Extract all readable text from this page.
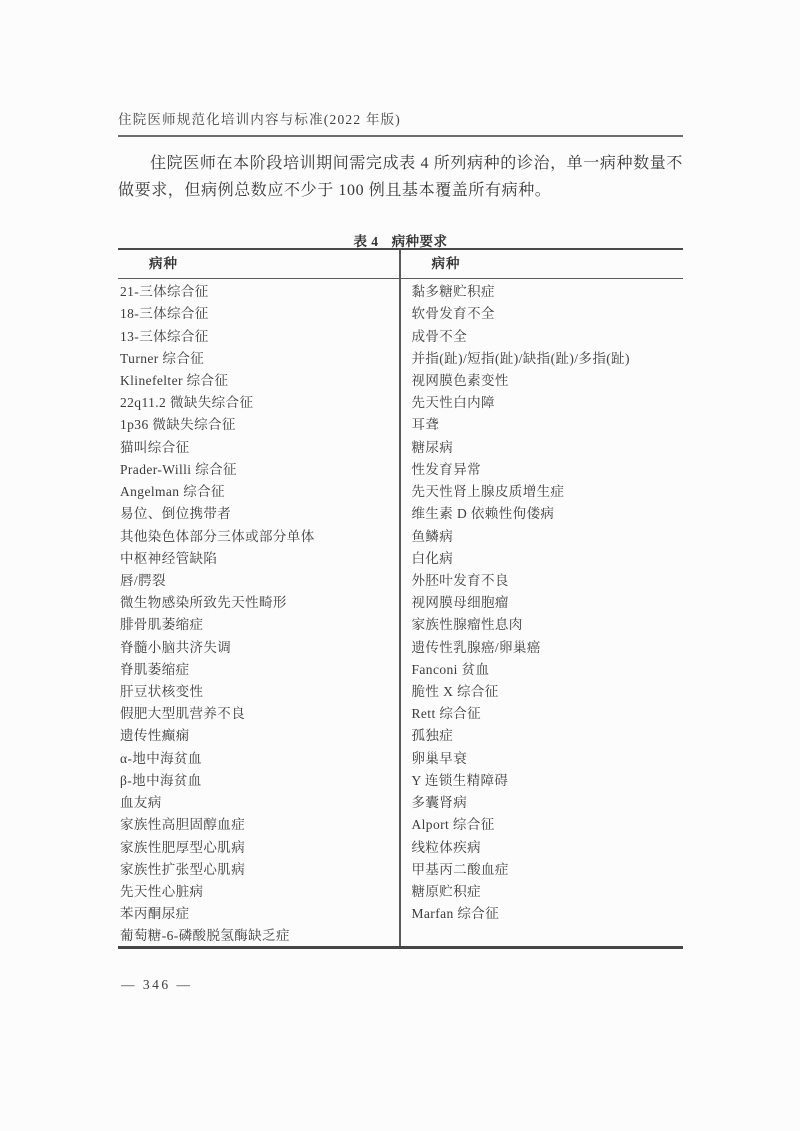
住院医师规范化培训内容与标准(2022 年版)

住院医师在本阶段培训期间需完成表 4 所列病种的诊治，单一病种数量不做要求，但病例总数应不少于 100 例且基本覆盖所有病种。

表 4 病种要求
病种	病种
21-三体综合征	黏多糖贮积症
18-三体综合征	软骨发育不全
13-三体综合征	成骨不全
Turner 综合征	并指(趾)/短指(趾)/缺指(趾)/多指(趾)
Klinefelter 综合征	视网膜色素变性
22q11.2 微缺失综合征	先天性白内障
1p36 微缺失综合征	耳聋
猫叫综合征	糖尿病
Prader-Willi 综合征	性发育异常
Angelman 综合征	先天性肾上腺皮质增生症
易位、倒位携带者	维生素 D 依赖性佝偻病
其他染色体部分三体或部分单体	鱼鳞病
中枢神经管缺陷	白化病
唇/腭裂	外胚叶发育不良
微生物感染所致先天性畸形	视网膜母细胞瘤
腓骨肌萎缩症	家族性腺瘤性息肉
脊髓小脑共济失调	遗传性乳腺癌/卵巢癌
脊肌萎缩症	Fanconi 贫血
肝豆状核变性	脆性 X 综合征
假肥大型肌营养不良	Rett 综合征
遗传性癫痫	孤独症
α-地中海贫血	卵巢早衰
β-地中海贫血	Y 连锁生精障碍
血友病	多囊肾病
家族性高胆固醇血症	Alport 综合征
家族性肥厚型心肌病	线粒体疾病
家族性扩张型心肌病	甲基丙二酸血症
先天性心脏病	糖原贮积症
苯丙酮尿症	Marfan 综合征
葡萄糖-6-磷酸脱氢酶缺乏症
— 346 —
